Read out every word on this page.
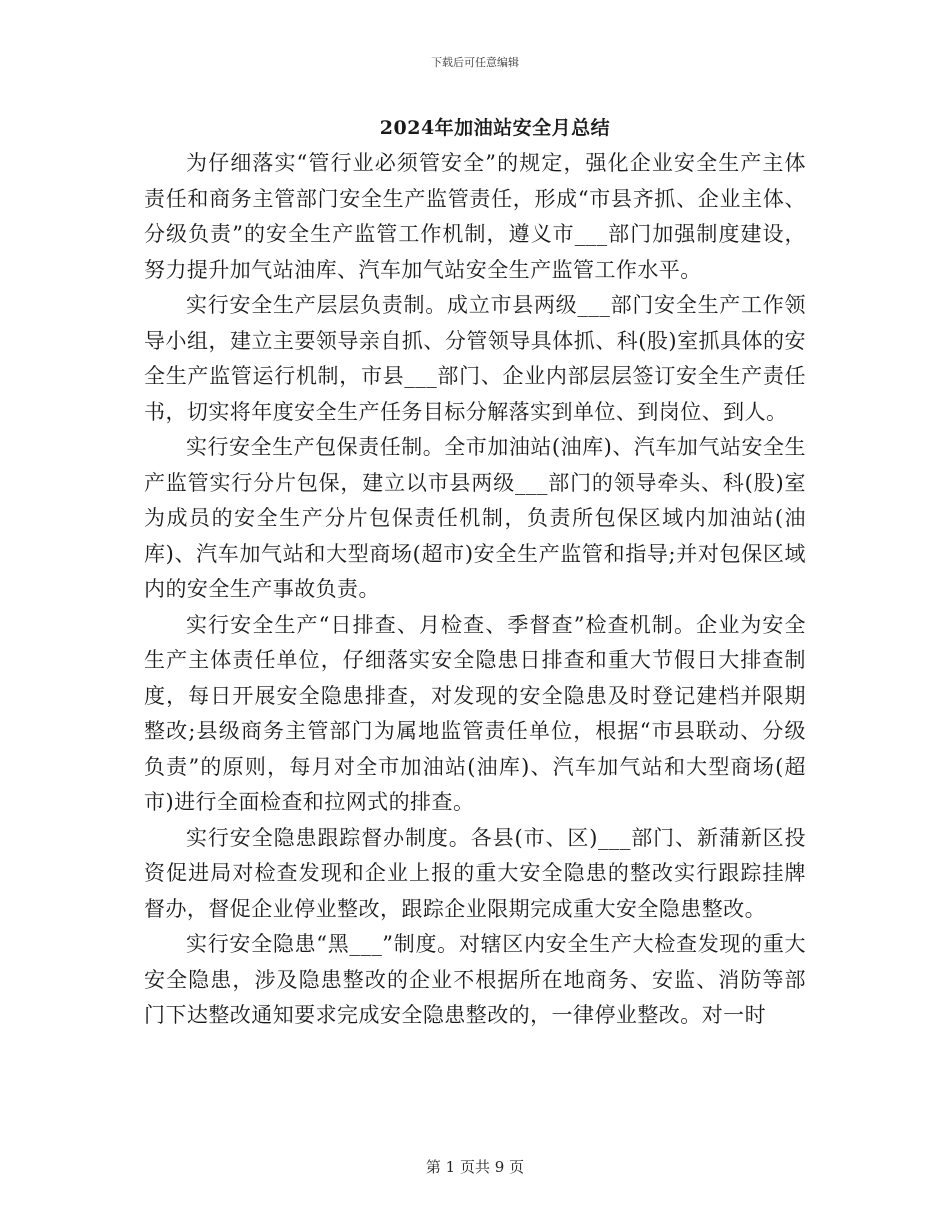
下载后可任意编辑
2024年加油站安全月总结

为仔细落实“管行业必须管安全”的规定，强化企业安全生产主体责任和商务主管部门安全生产监管责任，形成“市县齐抓、企业主体、分级负责”的安全生产监管工作机制，遵义市___部门加强制度建设，努力提升加气站油库、汽车加气站安全生产监管工作水平。

实行安全生产层层负责制。成立市县两级___部门安全生产工作领导小组，建立主要领导亲自抓、分管领导具体抓、科(股)室抓具体的安全生产监管运行机制，市县___部门、企业内部层层签订安全生产责任书，切实将年度安全生产任务目标分解落实到单位、到岗位、到人。

实行安全生产包保责任制。全市加油站(油库)、汽车加气站安全生产监管实行分片包保，建立以市县两级___部门的领导牵头、科(股)室为成员的安全生产分片包保责任机制，负责所包保区域内加油站(油库)、汽车加气站和大型商场(超市)安全生产监管和指导;并对包保区域内的安全生产事故负责。

实行安全生产“日排查、月检查、季督查”检查机制。企业为安全生产主体责任单位，仔细落实安全隐患日排查和重大节假日大排查制度，每日开展安全隐患排查，对发现的安全隐患及时登记建档并限期整改;县级商务主管部门为属地监管责任单位，根据“市县联动、分级负责”的原则，每月对全市加油站(油库)、汽车加气站和大型商场(超市)进行全面检查和拉网式的排查。

实行安全隐患跟踪督办制度。各县(市、区)___部门、新蒲新区投资促进局对检查发现和企业上报的重大安全隐患的整改实行跟踪挂牌督办，督促企业停业整改，跟踪企业限期完成重大安全隐患整改。

实行安全隐患“黑___”制度。对辖区内安全生产大检查发现的重大安全隐患，涉及隐患整改的企业不根据所在地商务、安监、消防等部门下达整改通知要求完成安全隐患整改的，一律停业整改。对一时

第 1 页共 9 页
